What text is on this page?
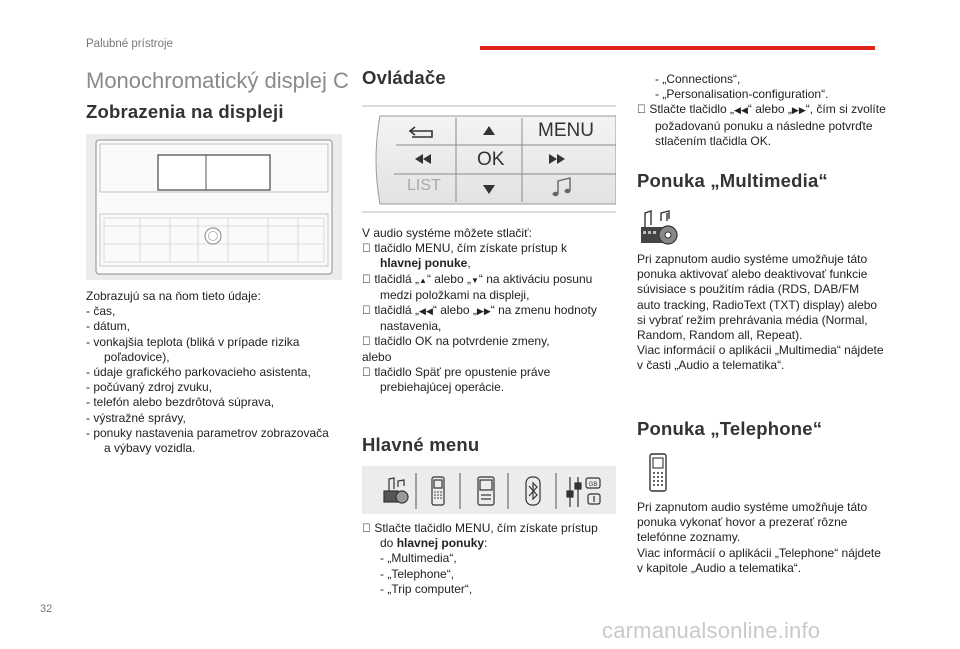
Palubné prístroje
Monochromatický displej C
Zobrazenia na displeji
Zobrazujú sa na ňom tieto údaje:
- čas,
- dátum,
- vonkajšia teplota (bliká v prípade rizika
poľadovice),
- údaje grafického parkovacieho asistenta,
- počúvaný zdroj zvuku,
- telefón alebo bezdrôtová súprava,
- výstražné správy,
- ponuky nastavenia parametrov zobrazovača
a výbavy vozidla.
Ovládače
MENU
OK
LIST
V audio systéme môžete stlačiť:
tlačidlo MENU, čím získate prístup k
hlavnej ponuke,
tlačidlá „▲“ alebo „▼“ na aktiváciu posunu
medzi položkami na displeji,
tlačidlá „◀◀“ alebo „▶▶“ na zmenu hodnoty
nastavenia,
tlačidlo OK na potvrdenie zmeny,
alebo
tlačidlo Späť pre opustenie práve
prebiehajúcej operácie.
Hlavné menu
GB
Stlačte tlačidlo MENU, čím získate prístup
do hlavnej ponuky:
- „Multimedia“,
- „Telephone“,
- „Trip computer“,
- „Connections“,
- „Personalisation-configuration“.
Stlačte tlačidlo „◀◀“ alebo „▶▶“, čím si zvolíte
požadovanú ponuku a následne potvrďte
stlačením tlačidla OK.
Ponuka „Multimedia“
Pri zapnutom audio systéme umožňuje táto
ponuka aktivovať alebo deaktivovať funkcie
súvisiace s použitím rádia (RDS, DAB/FM
auto tracking, RadioText (TXT) display) alebo
si vybrať režim prehrávania média (Normal,
Random, Random all, Repeat).
Viac informácií o aplikácii „Multimedia“ nájdete
v časti „Audio a telematika“.
Ponuka „Telephone“
Pri zapnutom audio systéme umožňuje táto
ponuka vykonať hovor a prezerať rôzne
telefónne zoznamy.
Viac informácií o aplikácii „Telephone“ nájdete
v kapitole „Audio a telematika“.
32
carmanualsonline.info
